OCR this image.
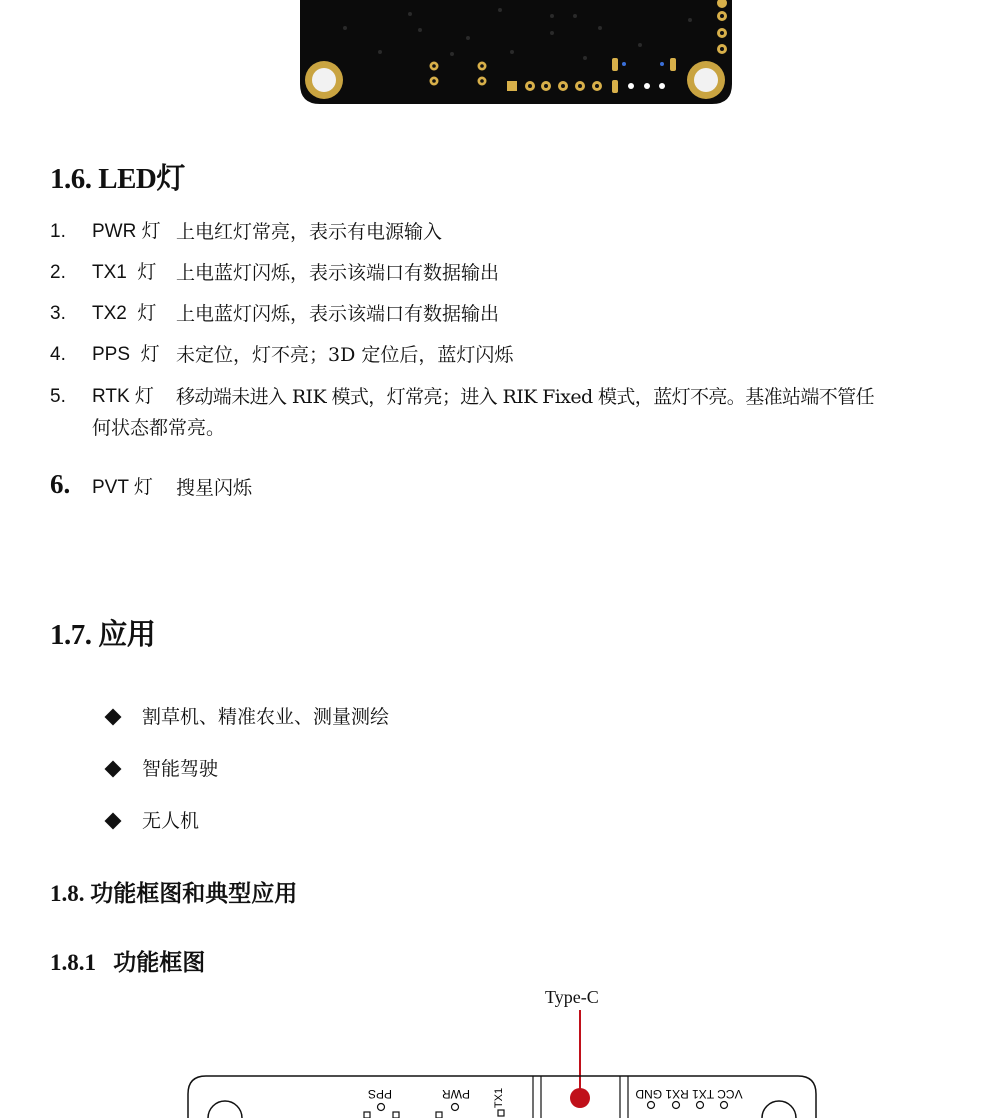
1.6. LED灯
1. PWR 灯 上电红灯常亮，表示有电源输入
2. TX1  灯 上电蓝灯闪烁，表示该端口有数据输出
3. TX2  灯 上电蓝灯闪烁，表示该端口有数据输出
4. PPS  灯 未定位，灯不亮；3D 定位后，蓝灯闪烁
5. RTK 灯 移动端未进入 RIK 模式，灯常亮；进入 RIK Fixed 模式，蓝灯不亮。基准站端不管任
何状态都常亮。
6. PVT 灯 搜星闪烁
1.7. 应用
割草机、精准农业、测量测绘
智能驾驶
无人机
1.8. 功能框图和典型应用
1.8.1   功能框图
Type-C
PPS	PWR TX1	VCC TX1 RX1 GND
